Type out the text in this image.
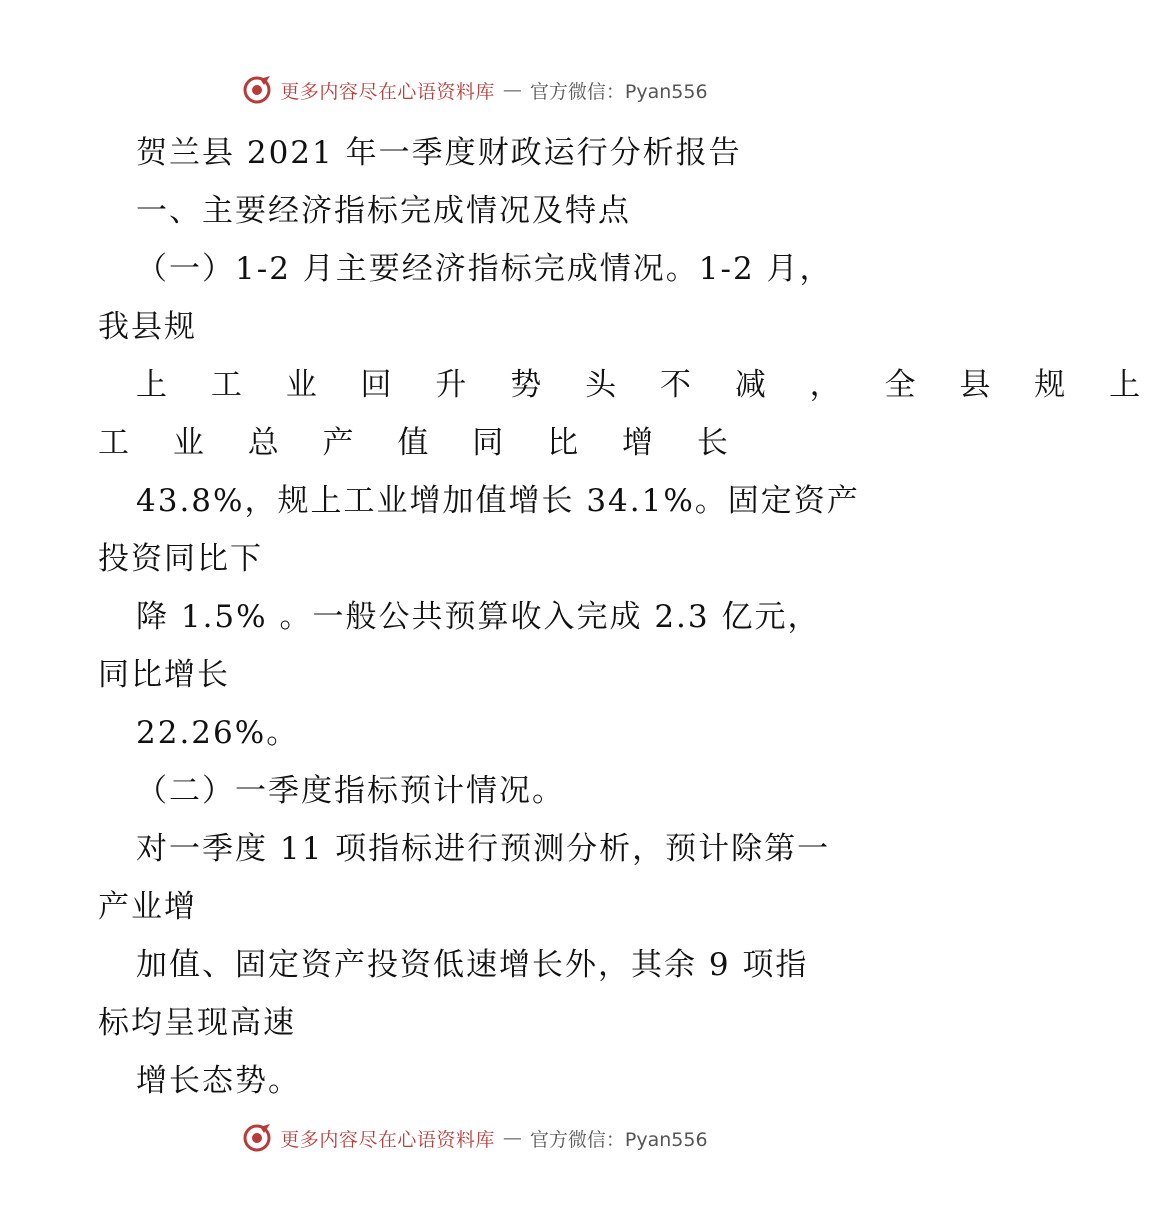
更多内容尽在心语资料库 — 官方微信：Pyan556
贺兰县 2021 年一季度财政运行分析报告
一、主要经济指标完成情况及特点
（一）1-2 月主要经济指标完成情况。1-2 月，
我县规
上 工 业 回 升 势 头 不 减 ， 全 县 规 上
工 业 总 产 值 同 比 增 长
43.8%，规上工业增加值增长 34.1%。固定资产
投资同比下
降 1.5% 。一般公共预算收入完成 2.3 亿元，
同比增长
22.26%。
（二）一季度指标预计情况。
对一季度 11 项指标进行预测分析，预计除第一
产业增
加值、固定资产投资低速增长外，其余 9 项指
标均呈现高速
增长态势。
更多内容尽在心语资料库 — 官方微信：Pyan556
